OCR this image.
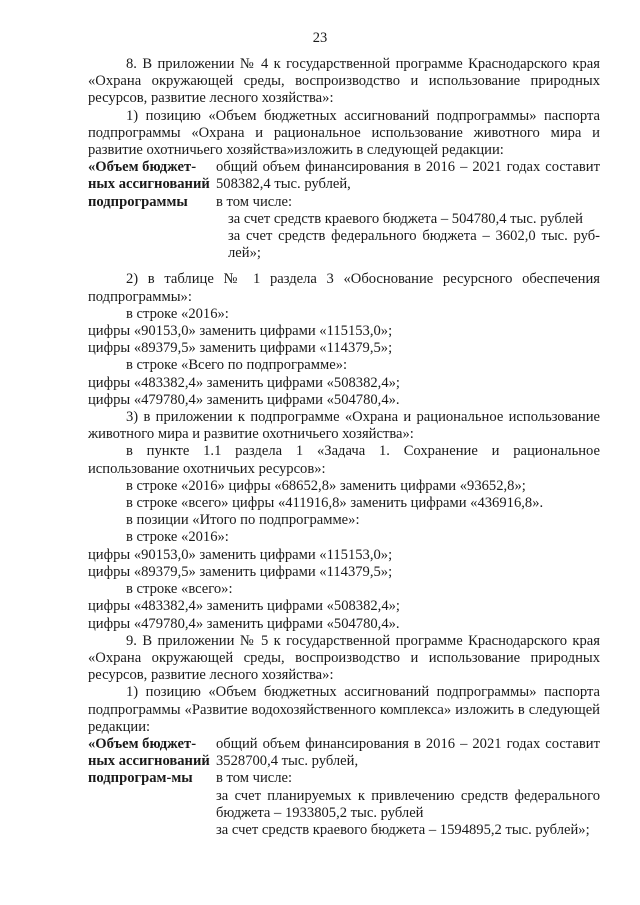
23

8. В приложении № 4 к государственной программе Краснодарского края «Охрана окружающей среды, воспроизводство и использование природных ресурсов, развитие лесного хозяйства»:

1) позицию «Объем бюджетных ассигнований подпрограммы» паспорта подпрограммы «Охрана и рациональное использование животного мира и развитие охотничьего хозяйства»изложить в следующей редакции:

«Объем бюджет-ных ассигнований подпрограммы

общий объем финансирования в 2016 – 2021 годах составит 508382,4 тыс. рублей,

в том числе:

за счет средств краевого бюджета – 504780,4 тыс. рублей

за счет средств федерального бюджета – 3602,0 тыс. руб-лей»;

2) в таблице № 1 раздела 3 «Обоснование ресурсного обеспечения подпрограммы»:

в строке «2016»:

цифры «90153,0» заменить цифрами «115153,0»;

цифры «89379,5» заменить цифрами «114379,5»;

в строке «Всего по подпрограмме»:

цифры «483382,4» заменить цифрами «508382,4»;

цифры «479780,4» заменить цифрами «504780,4».

3) в приложении к подпрограмме «Охрана и рациональное использование животного мира и развитие охотничьего хозяйства»:

в пункте 1.1 раздела 1 «Задача 1. Сохранение и рациональное использование охотничьих ресурсов»:

в строке «2016» цифры «68652,8» заменить цифрами «93652,8»;

в строке «всего» цифры «411916,8» заменить цифрами «436916,8».

в позиции «Итого по подпрограмме»:

в строке «2016»:

цифры «90153,0» заменить цифрами «115153,0»;

цифры «89379,5» заменить цифрами «114379,5»;

в строке «всего»:

цифры «483382,4» заменить цифрами «508382,4»;

цифры «479780,4» заменить цифрами «504780,4».

9. В приложении № 5 к государственной программе Краснодарского края «Охрана окружающей среды, воспроизводство и использование природных ресурсов, развитие лесного хозяйства»:

1) позицию «Объем бюджетных ассигнований подпрограммы» паспорта подпрограммы «Развитие водохозяйственного комплекса» изложить в следующей редакции:

«Объем бюджет-ных ассигнований подпрограм-мы

общий объем финансирования в 2016 – 2021 годах составит 3528700,4 тыс. рублей,

в том числе:

за счет планируемых к привлечению средств федерального бюджета – 1933805,2 тыс. рублей

за счет средств краевого бюджета – 1594895,2 тыс. рублей»;
